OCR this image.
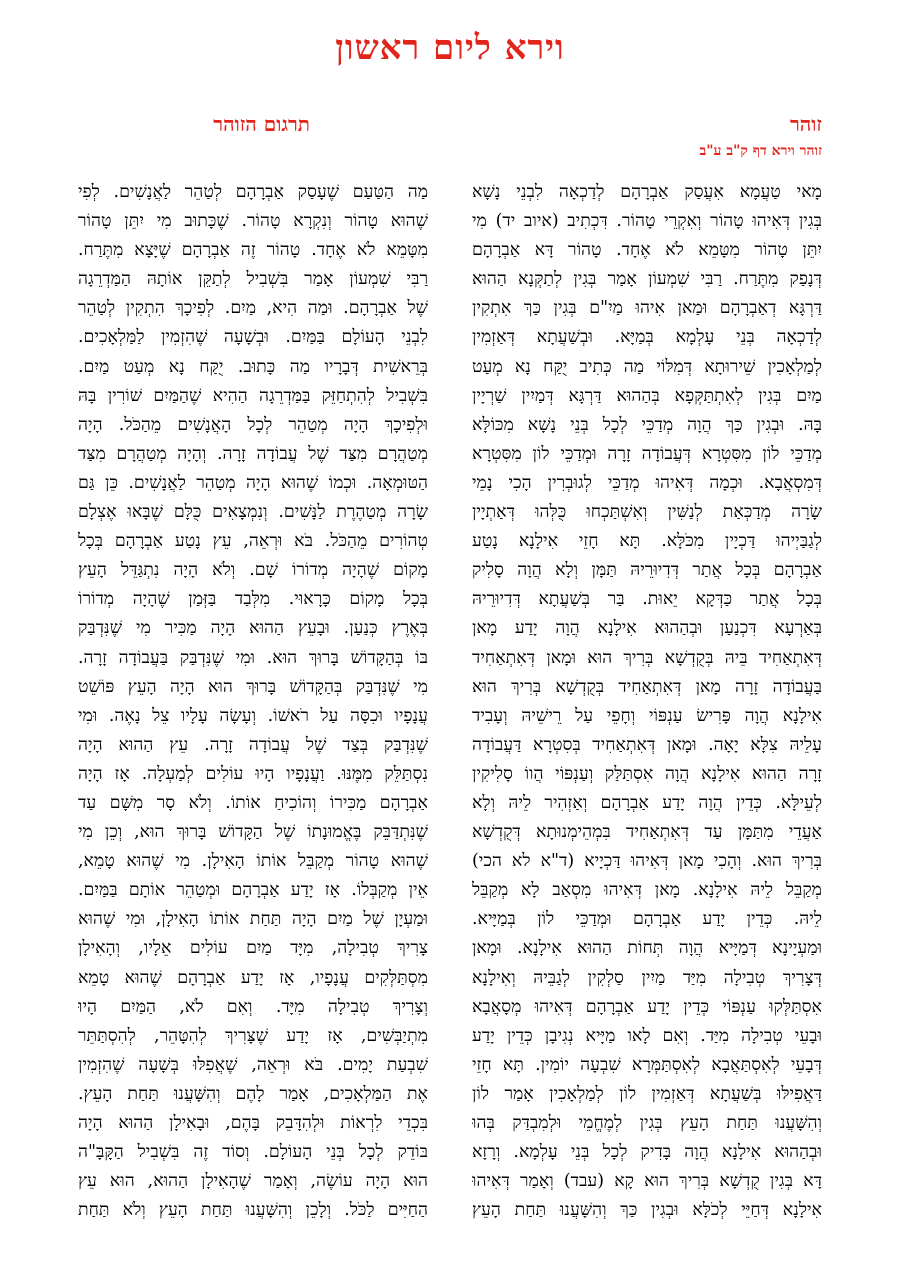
וירא ליום ראשון
זוהר
תרגום הזוהר
זוהר וירא דף ק"ב ע"ב
מָאי טַעֲמָא אִעֲסַק אַבְרָהָם לְדַכְאָה לִבְנֵי נָשָׁא
בְּגִין דְּאִיהוּ טָהוֹר וְאִקְרֵי טָהוֹר. דִּכְתִיב (איוב יד) מִי
יִתֵּן טָהוֹר מִטָּמֵא לֹא אֶחָד. טָהוֹר דָּא אַבְרָהָם
דְּנָפַק מִתֶּרַח. רַבִּי שִׁמְעוֹן אָמַר בְּגִין לְתַקְּנָא הַהוּא
דַּרְגָּא דְאַבְרָהָם וּמַאן אִיהוּ מַיִ"ם בְּגִין כַּךְ אִתְקִין
לְדַכְאָה בְּנֵי עָלְמָא בְּמַיָּא. וּבְשַׁעֲתָא דְּאַזְמִין
לְמַלְאָכִין שֵׁירוּתָא דְּמִלּוֹי מַה כְּתִיב יֻקַּח נָא מְעַט
מַיִם בְּגִין לְאִתְתַּקְּפָא בְּהַהוּא דַּרְגָּא דְּמַיִין שַׁרְיָין
בָּהּ. וּבְגִין כַּךְ הֲוָה מְדַכֵּי לְכָל בְּנֵי נָשָׁא מִכּוֹלָּא
מְדַכֵּי לוֹן מִסִּטְרָא דְּעֲבוֹדָה זָרָה וּמְדַכֵּי לוֹן מִסִּטְרָא
דְּמִסְאֲבָא. וּכְמָה דְּאִיהוּ מְדַכֵּי לְגוּבְרִין הָכִי נָמֵי
שָׂרָה מְדַכְּאַת לְנַשִּׁין וְאִשְׁתַּכְחוּ כֻּלְּהוּ דְּאַתְיָין
לְגַבַּיְיהוּ דַּכְיָין מִכֹּלָּא. תָּא חָזֵי אִילָנָא נָטַע
אַבְרָהָם בְּכָל אֲתַר דְּדִיוּרֵיהּ תַּמָּן וְלָא הֲוָה סָלִיק
בְּכָל אֲתַר כַּדְּקָא יֵאוּת. בַּר בְּשַׁעֲתָא דְּדִיוּרֵיהּ
בְּאַרְעָא דִּכְנַעַן וּבְהַהוּא אִילָנָא הֲוָה יָדַע מָאן
דְּאִתְאַחִיד בֵּיהּ בְּקֻדְשָׁא בְּרִיךְ הוּא וּמָאן דְּאִתְאַחִיד
בַּעֲבוֹדָה זָרָה מָאן דְּאִתְאַחִיד בְּקֻדְשָׁא בְּרִיךְ הוּא
אִילָנָא הֲוָה פָּרִישׂ עַנְפּוֹי וְחָפֵי עַל רֵישֵׁיהּ וְעָבִיד
עָלֵיהּ צִלָּא יָאָה. וּמָאן דְּאִתְאַחִיד בְּסִטְרָא דַּעֲבוֹדָה
זָרָה הַהוּא אִילָנָא הֲוָה אִסְתַּלַּק וְעַנְפּוֹי הֲווֹ סָלִיקִין
לְעֵילָּא. כְּדֵין הֲוָה יָדַע אַבְרָהָם וְאַזְהִיר לֵיהּ וְלָא
אַעֲדֵי מִתַּמָּן עַד דְּאִתְאַחִיד בִּמְהֵימְנוּתָא דְּקֻדְשָׁא
בְּרִיךְ הוּא. וְהָכִי מָאן דְּאִיהוּ דַּכְיָיא (ד"א לא הכי)
מְקַבֵּל לֵיהּ אִילָנָא. מָאן דְּאִיהוּ מִסְאַב לָא מְקַבֵּל
לֵיהּ. כְּדֵין יָדַע אַבְרָהָם וּמְדַכֵּי לוֹן בְּמַיָּיא.
וּמַעְיָינָא דְּמַיָּיא הֲוָה תְּחוֹת הַהוּא אִילָנָא. וּמָאן
דְּצָרִיךְ טְבִילָה מִיַּד מַיִין סַלְקִין לְגַבֵּיהּ וְאִילָנָא
אִסְתַּלְּקוּ עַנְפּוֹי כְּדֵין יָדַע אַבְרָהָם דְּאִיהוּ מְסָאֲבָא
וּבָעֵי טְבִילָה מִיַּד. וְאִם לָאו מַיָּיא נְגִיבָן כְּדֵין יָדַע
דְּבָעֵי לְאִסְתַּאֲבָא לְאִסְתַּמְּרָא שִׁבְעָה יוֹמִין. תָּא חָזֵי
דַּאֲפִילּוּ בְּשַׁעֲתָא דְּאַזְמִין לוֹן לְמַלְאָכִין אָמַר לוֹן
וְהִשָּׁעֲנוּ תַּחַת הָעֵץ בְּגִין לְמֶחֱמֵי וּלְמִבְדַּק בְּהוּ
וּבְהַהוּא אִילָנָא הֲוָה בָּדִיק לְכָל בְּנֵי עָלְמָא. וְרָזָא
דָּא בְּגִין קֻדְשָׁא בְּרִיךְ הוּא קָא (עבד) וְאָמַר דְּאִיהוּ
אִילָנָא דְּחַיֵּי לְכֹלָּא וּבְגִין כַּךְ וְהִשָּׁעֲנוּ תַּחַת הָעֵץ
מַה הַטַּעַם שֶׁעָסַק אַבְרָהָם לְטַהֵר לַאֲנָשִׁים. לְפִי
שֶׁהוּא טָהוֹר וְנִקְרָא טָהוֹר. שֶׁכָּתוּב מִי יִתֵּן טָהוֹר
מִטָּמֵא לֹא אֶחָד. טָהוֹר זֶה אַבְרָהָם שֶׁיָּצָא מִתֶּרַח.
רַבִּי שִׁמְעוֹן אָמַר בִּשְׁבִיל לְתַקֵּן אוֹתָהּ הַמַּדְרֵגָה
שֶׁל אַבְרָהָם. וּמַה הִיא, מַיִם. לְפִיכָךְ הִתְקִין לְטַהֵר
לִבְנֵי הָעוֹלָם בַּמַּיִם. וּבְשָׁעָה שֶׁהִזְמִין לַמַּלְאָכִים.
בְּרֵאשִׁית דְּבָרָיו מַה כָּתוּב. יֻקַּח נָא מְעַט מַיִם.
בִּשְׁבִיל לְהִתְחַזֵּק בַּמַּדְרֵגָה הַהִיא שֶׁהַמַּיִם שׁוֹרִין בָּהּ
וּלְפִיכָךְ הָיָה מְטַהֵר לְכָל הָאֲנָשִׁים מֵהַכֹּל. הָיָה
מְטַהֲרָם מִצַּד שֶׁל עֲבוֹדָה זָרָה. וְהָיָה מְטַהֲרָם מִצַּד
הַטּוּמְאָה. וּכְמוֹ שֶׁהוּא הָיָה מְטַהֵר לַאֲנָשִׁים. כֵּן גַּם
שָׂרָה מְטַהֶרֶת לַנָּשִׁים. וְנִמְצָאִים כֻּלָּם שֶׁבָּאוּ אֶצְלָם
טְהוֹרִים מֵהַכֹּל. בֹּא וּרְאֵה, עֵץ נָטַע אַבְרָהָם בְּכָל
מָקוֹם שֶׁהָיָה מְדוֹרוֹ שָׁם. וְלֹא הָיָה נִתְגַּדֵּל הָעֵץ
בְּכָל מָקוֹם כָּרָאוּי. מִלְּבַד בַּזְּמַן שֶׁהָיָה מְדוֹרוֹ
בְּאֶרֶץ כְּנַעַן. וּבָעֵץ הַהוּא הָיָה מַכִּיר מִי שֶׁנִּדְבַּק
בּוֹ בְּהַקָּדוֹשׁ בָּרוּךְ הוּא. וּמִי שֶׁנִּדְבַּק בַּעֲבוֹדָה זָרָה.
מִי שֶׁנִּדְבַּק בְּהַקָּדוֹשׁ בָּרוּךְ הוּא הָיָה הָעֵץ פּוֹשֵׁט
עֲנָפָיו וּכִסָּה עַל רֹאשׁוֹ. וְעָשָׂה עָלָיו צֵל נָאֶה. וּמִי
שֶׁנִּדְבַּק בְּצַד שֶׁל עֲבוֹדָה זָרָה. עֵץ הַהוּא הָיָה
נִסְתַּלֵּק מִמֶּנּוּ. וַעֲנָפָיו הָיוּ עוֹלִים לְמַעְלָה. אָז הָיָה
אַבְרָהָם מַכִּירוֹ וְהוֹכִיחַ אוֹתוֹ. וְלֹא סָר מִשָּׁם עַד
שֶׁנִּתְדַּבֵּק בֶּאֱמוּנָתוֹ שֶׁל הַקָּדוֹשׁ בָּרוּךְ הוּא, וְכֵן מִי
שֶׁהוּא טָהוֹר מְקַבֵּל אוֹתוֹ הָאִילָן. מִי שֶׁהוּא טָמֵא,
אֵין מְקַבְּלוֹ. אָז יָדַע אַבְרָהָם וּמְטַהֵר אוֹתָם בַּמַּיִם.
וּמַעְיָן שֶׁל מַיִם הָיָה תַּחַת אוֹתוֹ הָאִילָן, וּמִי שֶׁהוּא
צָרִיךְ טְבִילָה, מִיָּד מַיִם עוֹלִים אֵלָיו, וְהָאִילָן
מִסְתַּלְּקִים עֲנָפָיו, אָז יָדַע אַבְרָהָם שֶׁהוּא טָמֵא
וְצָרִיךְ טְבִילָה מִיָּד. וְאִם לֹא, הַמַּיִם הָיוּ
מִתְיַבְּשִׁים, אָז יָדַע שֶׁצָּרִיךְ לְהִטָּהֵר, לְהִסְתַּתֵּר
שִׁבְעַת יָמִים. בֹּא וּרְאֵה, שֶׁאֲפִלּוּ בְּשָׁעָה שֶׁהִזְמִין
אֶת הַמַּלְאָכִים, אָמַר לָהֶם וְהִשָּׁעֲנוּ תַּחַת הָעֵץ.
בִּכְדֵי לִרְאוֹת וּלְהִדָּבֵק בָּהֶם, וּבָאִילָן הַהוּא הָיָה
בּוֹדֵק לְכָל בְּנֵי הָעוֹלָם. וְסוֹד זֶה בִּשְׁבִיל הַקָּבָּ"ה
הוּא הָיָה עוֹשֶׂה, וְאָמַר שֶׁהָאִילָן הַהוּא, הוּא עֵץ
הַחַיִּים לַכֹּל. וְלָכֵן וְהִשָּׁעֲנוּ תַּחַת הָעֵץ וְלֹא תַּחַת
